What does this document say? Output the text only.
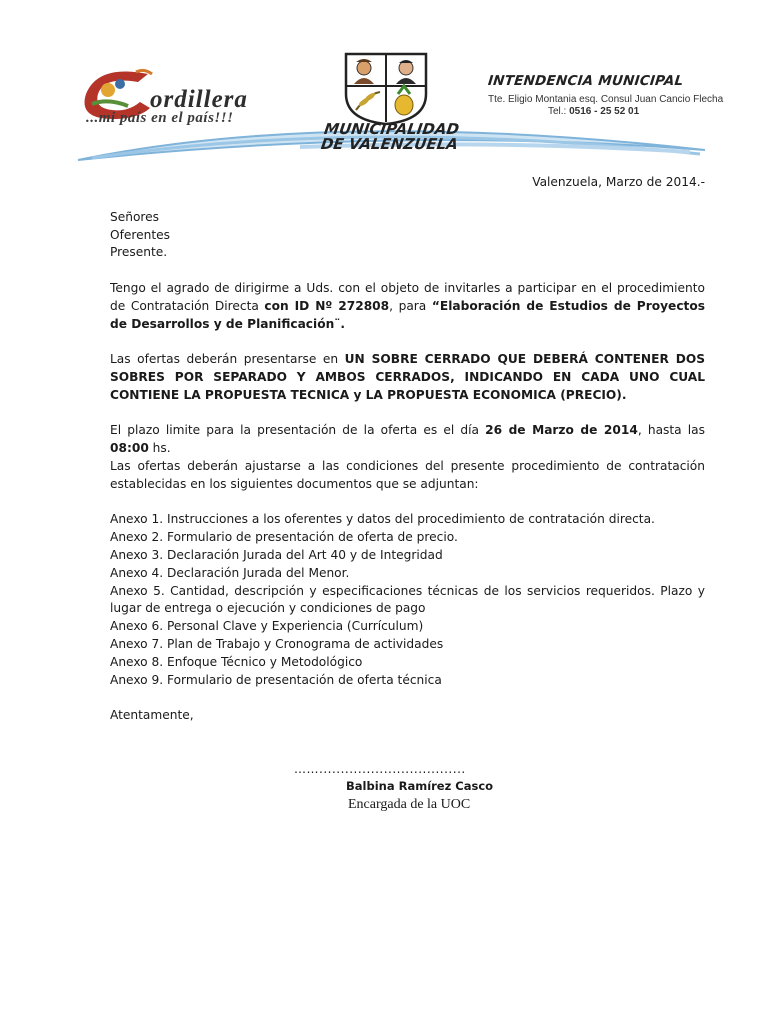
ordillera
...mi país en el país!!!
MUNICIPALIDAD
DE VALENZUELA
INTENDENCIA MUNICIPAL
Tte. Eligio Montania esq. Consul Juan Cancio Flecha
Tel.: 0516 - 25 52 01

Valenzuela, Marzo de 2014.-

Señores

Oferentes

Presente.

Tengo el agrado de dirigirme a Uds. con el objeto de invitarles a participar en el procedimiento de Contratación Directa con ID Nº 272808, para “Elaboración de Estudios de Proyectos de Desarrollos y de Planificación¨.

Las ofertas deberán presentarse en UN SOBRE CERRADO QUE DEBERÁ CONTENER DOS SOBRES POR SEPARADO Y AMBOS CERRADOS, INDICANDO EN CADA UNO CUAL CONTIENE LA PROPUESTA TECNICA y LA PROPUESTA ECONOMICA (PRECIO).

El plazo limite para la presentación de la oferta es el día 26 de Marzo de 2014, hasta las 08:00 hs.

Las ofertas deberán ajustarse a las condiciones del presente procedimiento de contratación establecidas en los siguientes documentos que se adjuntan:

Anexo 1. Instrucciones a los oferentes y datos del procedimiento de contratación directa.

Anexo 2. Formulario de presentación de oferta de precio.

Anexo 3. Declaración Jurada del Art 40 y de Integridad

Anexo 4. Declaración Jurada del Menor.

Anexo 5. Cantidad, descripción y especificaciones técnicas de los servicios requeridos. Plazo y lugar de entrega o ejecución y condiciones de pago

Anexo 6. Personal Clave y Experiencia (Currículum)

Anexo 7. Plan de Trabajo y Cronograma de actividades

Anexo 8. Enfoque Técnico y Metodológico

Anexo 9. Formulario de presentación de oferta técnica

Atentamente,

……..................................
Balbina Ramírez Casco
Encargada de la UOC
